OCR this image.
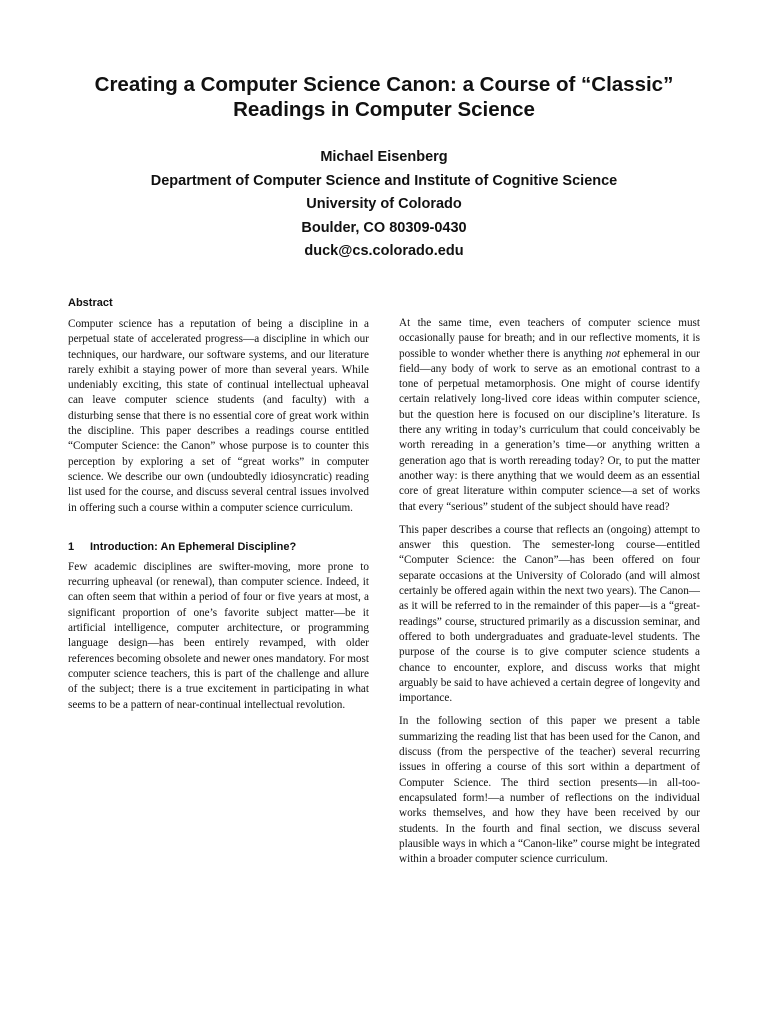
Creating a Computer Science Canon: a Course of “Classic”
Readings in Computer Science
Michael Eisenberg
Department of Computer Science and Institute of Cognitive Science
University of Colorado
Boulder, CO 80309-0430
duck@cs.colorado.edu
Abstract

Computer science has a reputation of being a discipline in a perpetual state of accelerated progress—a discipline in which our techniques, our hardware, our software systems, and our literature rarely exhibit a staying power of more than several years. While undeniably exciting, this state of continual intellectual upheaval can leave computer science students (and faculty) with a disturbing sense that there is no essential core of great work within the discipline. This paper describes a readings course entitled “Computer Science: the Canon” whose purpose is to counter this perception by exploring a set of “great works” in computer science. We describe our own (undoubtedly idiosyncratic) reading list used for the course, and discuss several central issues involved in offering such a course within a computer science curriculum.

1 Introduction: An Ephemeral Discipline?

Few academic disciplines are swifter-moving, more prone to recurring upheaval (or renewal), than computer science. Indeed, it can often seem that within a period of four or five years at most, a significant proportion of one’s favorite subject matter—be it artificial intelligence, computer architecture, or programming language design—has been entirely revamped, with older references becoming obsolete and newer ones mandatory. For most computer science teachers, this is part of the challenge and allure of the subject; there is a true excitement in participating in what seems to be a pattern of near-continual intellectual revolution.

At the same time, even teachers of computer science must occasionally pause for breath; and in our reflective moments, it is possible to wonder whether there is anything not ephemeral in our field—any body of work to serve as an emotional contrast to a tone of perpetual metamorphosis. One might of course identify certain relatively long-lived core ideas within computer science, but the question here is focused on our discipline’s literature. Is there any writing in today’s curriculum that could conceivably be worth rereading in a generation’s time—or anything written a generation ago that is worth rereading today? Or, to put the matter another way: is there anything that we would deem as an essential core of great literature within computer science—a set of works that every “serious” student of the subject should have read?

This paper describes a course that reflects an (ongoing) attempt to answer this question. The semester-long course—entitled “Computer Science: the Canon”—has been offered on four separate occasions at the University of Colorado (and will almost certainly be offered again within the next two years). The Canon—as it will be referred to in the remainder of this paper—is a “great-readings” course, structured primarily as a discussion seminar, and offered to both undergraduates and graduate-level students. The purpose of the course is to give computer science students a chance to encounter, explore, and discuss works that might arguably be said to have achieved a certain degree of longevity and importance.

In the following section of this paper we present a table summarizing the reading list that has been used for the Canon, and discuss (from the perspective of the teacher) several recurring issues in offering a course of this sort within a department of Computer Science. The third section presents—in all-too-encapsulated form!—a number of reflections on the individual works themselves, and how they have been received by our students. In the fourth and final section, we discuss several plausible ways in which a “Canon-like” course might be integrated within a broader computer science curriculum.
